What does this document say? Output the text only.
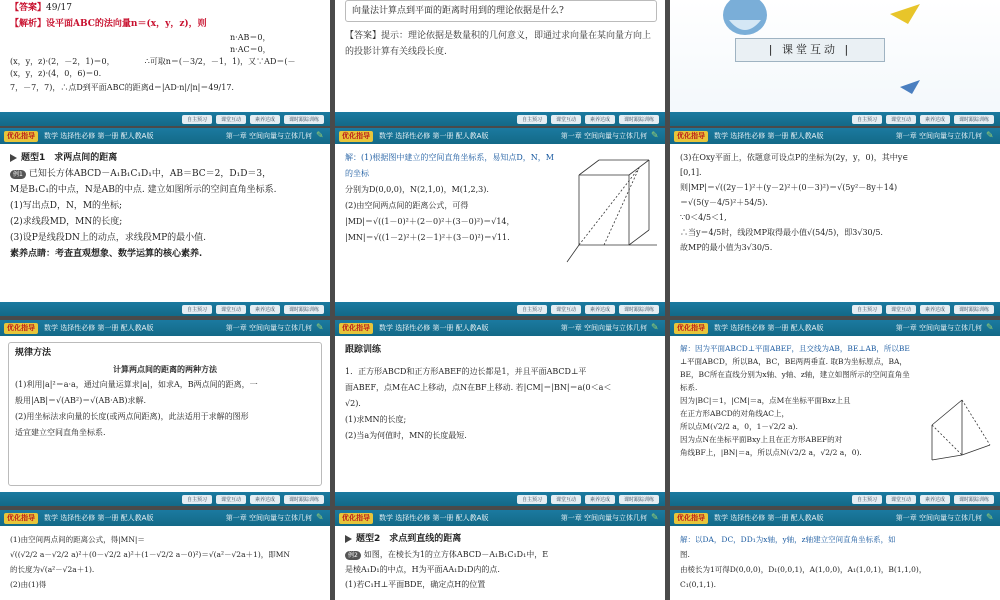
【答案】49/17
【解析】设平面ABC的法向量n＝(x，y，z)，则
n·AB＝0，
n·AC＝0，
(x，y，z)·(2，－2，1)＝0，	∴可取n＝(－3/2，－1，1)，又∵AD＝(－
(x，y，z)·(4，0，6)＝0.
7，－7，7)，∴点D到平面ABC的距离d＝|AD·n|/|n|＝49/17.
自主预习	课堂互动	素养达成	课时跟踪训练
向量法计算点到平面的距离时用到的理论依据是什么?
【答案】提示：理论依据是数量积的几何意义，即通过求向量在某向量方向上的投影计算有关线段长度.
自主预习	课堂互动	素养达成	课时跟踪训练
| 课堂互动 |
自主预习	课堂互动	素养达成	课时跟踪训练
优化指导	数学 选择性必修 第一册 配人教A版	第一章 空间向量与立体几何 ✎
题型1　求两点间的距离
例1 已知长方体ABCD－A₁B₁C₁D₁中，AB＝BC＝2，D₁D＝3，
M是B₁C₁的中点，N是AB的中点. 建立如图所示的空间直角坐标系.
(1)写出点D，N，M的坐标;
(2)求线段MD，MN的长度;
(3)设P是线段DN上的动点，求线段MP的最小值.
素养点睛：考查直观想象、数学运算的核心素养.
自主预习	课堂互动	素养达成	课时跟踪训练
优化指导	数学 选择性必修 第一册 配人教A版	第一章 空间向量与立体几何 ✎
解：(1)根据图中建立的空间直角坐标系，易知点D，N，M的坐标
分别为D(0,0,0)，N(2,1,0)，M(1,2,3).
(2)由空间两点间的距离公式，可得
|MD|＝√((1－0)²＋(2－0)²＋(3－0)²)＝√14，
|MN|＝√((1－2)²＋(2－1)²＋(3－0)²)＝√11.
自主预习	课堂互动	素养达成	课时跟踪训练
优化指导	数学 选择性必修 第一册 配人教A版	第一章 空间向量与立体几何 ✎
(3)在Oxy平面上，依题意可设点P的坐标为(2y，y，0)，其中y∈
[0,1].
则|MP|＝√((2y－1)²＋(y－2)²＋(0－3)²)＝√(5y²－8y＋14)
＝√(5(y－4/5)²＋54/5).
∵0＜4/5＜1,
∴当y＝4/5时，线段MP取得最小值√(54/5)，即3√30/5.
故MP的最小值为3√30/5.
自主预习	课堂互动	素养达成	课时跟踪训练
优化指导	数学 选择性必修 第一册 配人教A版	第一章 空间向量与立体几何 ✎
规律方法
计算两点间的距离的两种方法
(1)利用|a|²＝a·a，通过向量运算求|a|，如求A，B两点间的距离，一
般用|AB|＝√(AB²)＝√(AB·AB)求解.
(2)用坐标法求向量的长度(或两点间距离)，此法适用于求解的图形
适宜建立空间直角坐标系.
自主预习	课堂互动	素养达成	课时跟踪训练
优化指导	数学 选择性必修 第一册 配人教A版	第一章 空间向量与立体几何 ✎
跟踪训练
1．正方形ABCD和正方形ABEF的边长都是1，并且平面ABCD⊥平
面ABEF，点M在AC上移动，点N在BF上移动. 若|CM|＝|BN|＝a(0＜a＜
√2).
(1)求MN的长度;
(2)当a为何值时，MN的长度最短.
自主预习	课堂互动	素养达成	课时跟踪训练
优化指导	数学 选择性必修 第一册 配人教A版	第一章 空间向量与立体几何 ✎
解：因为平面ABCD⊥平面ABEF，且交线为AB，BE⊥AB，所以BE
⊥平面ABCD，所以BA，BC，BE两两垂直. 取B为坐标原点，BA，
BE，BC所在直线分别为x轴、y轴、z轴，建立如图所示的空间直角坐
标系.
因为|BC|＝1，|CM|＝a，点M在坐标平面Bxz上且
在正方形ABCD的对角线AC上，
所以点M(√2/2 a，0，1－√2/2 a).
因为点N在坐标平面Bxy上且在正方形ABEF的对
角线BF上，|BN|＝a，所以点N(√2/2 a，√2/2 a，0).
自主预习	课堂互动	素养达成	课时跟踪训练
优化指导	数学 选择性必修 第一册 配人教A版	第一章 空间向量与立体几何 ✎
(1)由空间两点间的距离公式，得|MN|＝
√((√2/2 a－√2/2 a)²＋(0－√2/2 a)²＋(1－√2/2 a－0)²)＝√(a²－√2a＋1)，即MN
的长度为√(a²－√2a＋1).
(2)由(1)得
优化指导	数学 选择性必修 第一册 配人教A版	第一章 空间向量与立体几何 ✎
题型2　求点到直线的距离
例2 如图，在棱长为1的立方体ABCD－A₁B₁C₁D₁中，E
是棱A₁D₁的中点，H为平面AA₁D₁D内的点.
(1)若C₁H⊥平面BDE，确定点H的位置
优化指导	数学 选择性必修 第一册 配人教A版	第一章 空间向量与立体几何 ✎
解：以DA，DC，DD₁为x轴，y轴，z轴建立空间直角坐标系，如
图.
由棱长为1可得D(0,0,0)，D₁(0,0,1)，A(1,0,0)，A₁(1,0,1)，B(1,1,0)，
C₁(0,1,1).
